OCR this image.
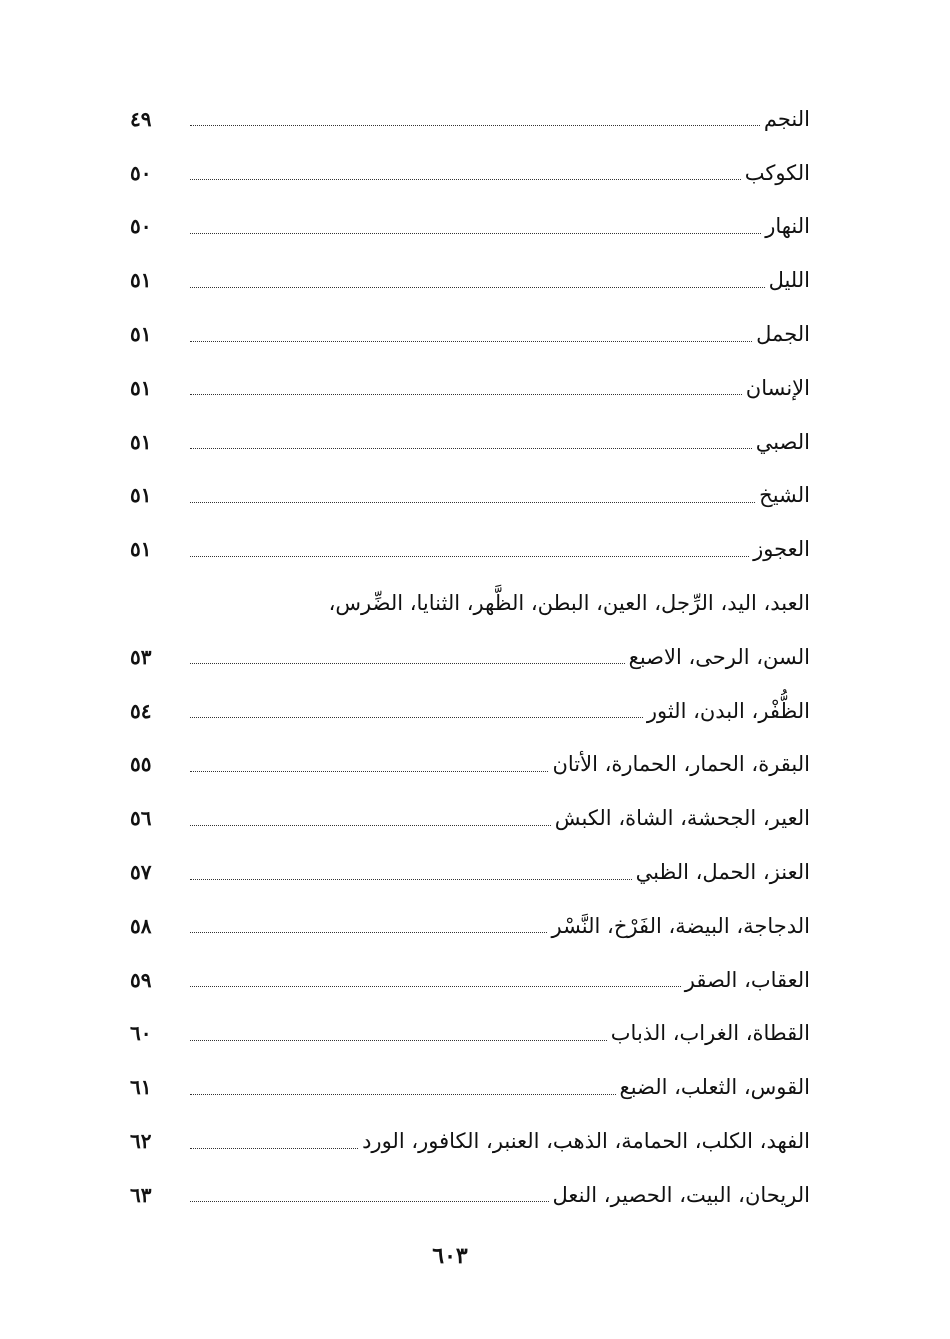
النجم
٤٩
الكوكب
٥٠
النهار
٥٠
الليل
٥١
الجمل
٥١
الإنسان
٥١
الصبي
٥١
الشيخ
٥١
العجوز
٥١
العبد، اليد، الرِّجل، العين، البطن، الظَّهر، الثنايا، الضِّرس،
السن، الرحى، الاصبع
٥٣
الظُّفْر، البدن، الثور
٥٤
البقرة، الحمار، الحمارة، الأتان
٥٥
العير، الجحشة، الشاة، الكبش
٥٦
العنز، الحمل، الظبي
٥٧
الدجاجة، البيضة، الفَرْخ، النَّسْر
٥٨
العقاب، الصقر
٥٩
القطاة، الغراب، الذباب
٦٠
القوس، الثعلب، الضبع
٦١
الفهد، الكلب، الحمامة، الذهب، العنبر، الكافور، الورد
٦٢
الريحان، البيت، الحصير، النعل
٦٣
٦٠٣
